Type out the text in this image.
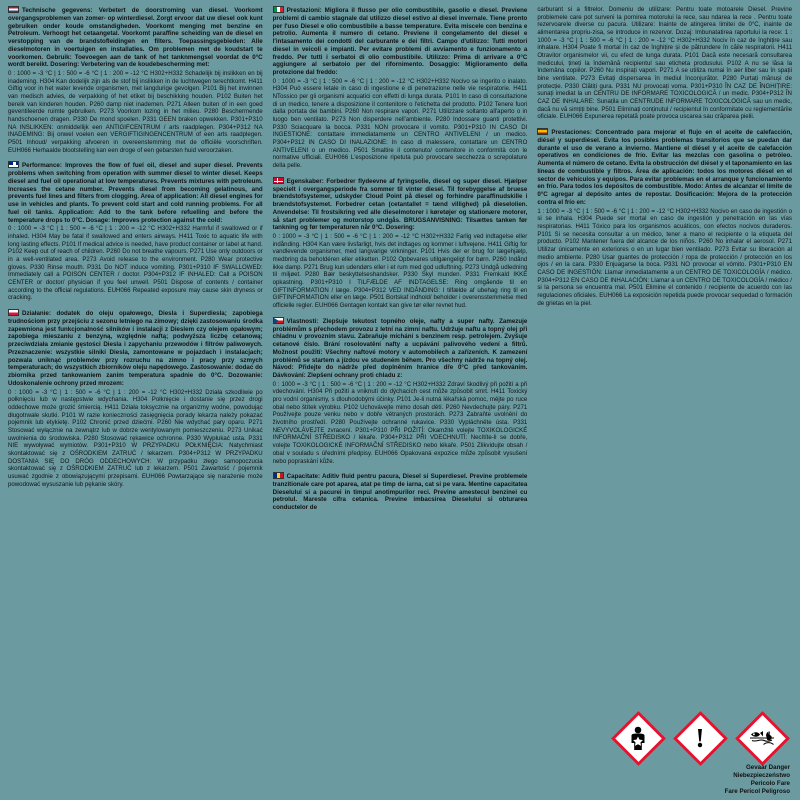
Technische gegevens: Verbetert de doorstroming van diesel. Voorkomt overgangsproblemen van zomer- op winterdiesel. Zorgt ervoor dat uw diesel ook kunt gebruiken onder koude omstandigheden. Voorkomt menging met benzine en Petroleum. Verhoogt het cetaangetal. Voorkomt paraffine scheiding van de diesel en verstopping van de brandstofleidingen en filters. Toepassingsgebieden: Alle dieselmotoren in voertuigen en installaties. Om problemen met de koudstart te voorkomen. Gebruik: Toevoegen aan de tank of het tanknmengsel voordat de 0°C wordt bereikt. Dosering: Verbetering van de koudebescherming met:

0 : 1000 = -3 °C | 1 : 500 = -6 °C | 1 : 200 = -12 °C H302+H332 Schadelijk bij inslikken en bij inademing. H304 Kan dodelijk zijn als de stof bij inslikken in de luchtwegen terechtkomt. H411 Giftig voor in het water levende organismen, met langdurige gevolgen. P101 Bij het inwinnen van medisch advies, de verpakking of het etiket bij beschikking houden. P102 Buiten het bereik van kinderen houden. P260 damp niet inademen. P271 Alleen buiten of in een goed geventileerde ruimte gebruiken. P273 Voorkom lozing in het milieu. P280 Beschermende handschoenen dragen. P330 De mond spoelen. P331 GEEN braken opwekken. P301+P310 NA INSLIKKEN: onmiddellijk een ANTIGIFCENTRUM / arts raadplegen. P304+P312 NA INADEMING: Bij onwel voelen een VERGIFTIGINGENCENTRUM of een arts raadplegen. P501 Inhoud/ verpakking afvoeren in overeenstemming met de officiële voorschriften. EUH066 Herhaalde blootstelling kan een droge of een gebarsten huid veroorzaken.

Performance: Improves the flow of fuel oil, diesel and super diesel. Prevents problems when switching from operation with summer diesel to winter diesel. Keeps diesel and fuel oil operational at low temperatures. Prevents mixtures with petroleum. Increases the cetane number. Prevents diesel from becoming gelatinous, and prevents fuel lines and filters from clogging. Area of application: All diesel engines for use in vehicles and plants. To prevent cold start and cold running problems. For all fuel oil tanks. Application: Add to the tank before refuelling and before the temperature drops to 0°C. Dosage: Improves protection against the cold:

0 : 1000 = -3 °C | 1 : 500 = -6 °C | 1 : 200 = -12 °C H302+H332 Harmful if swallowed or if inhaled. H304 May be fatal if swallowed and enters airways. H411 Toxic to aquatic life with long lasting effects. P101 If medical advice is needed, have product container or label at hand. P102 Keep out of reach of children. P260 Do not breathe vapours. P271 Use only outdoors or in a well-ventilated area. P273 Avoid release to the environment. P280 Wear protective gloves. P330 Rinse mouth. P331 Do NOT induce vomiting. P301+P310 IF SWALLOWED: Immediately call a POISON CENTER / doctor. P304+P312 IF INHALED: Call a POISON CENTER or doctor/ physician if you feel unwell. P501 Dispose of contents / container according to the official regulations. EUH066 Repeated exposure may cause skin dryness or cracking.

Działanie: dodatek do oleju opałowego, Diesla i Superdiesla; zapobiega trudnościom przy przejściu z sezonu letniego na zimowy; dzięki zastosowaniu środka zapewniona jest funkcjonalność silników i instalacji z Dieslem czy olejem opałowym; zapobiega mieszaniu z benzyną, względnie naftą; podwyższa liczbę cetanową; przeciwdziała zmianie gęstości Diesla i zapychaniu przewodów i filtrów paliwowych. Przeznaczenie: wszystkie silniki Diesla, zamontowane w pojazdach i instalacjach; pozwala uniknąć problemów przy rozruchu na zimno i pracy przy szmych temperaturach; do wszystkich zbiorników oleju napędowego. Zastosowanie: dodać do zbiornika przed tankowaniem zanim temperatura spadnie do 0°C. Dozowanie: Udoskonalenie ochrony przed mrozem:

0 : 1000 = -3 °C | 1 : 500 = -6 °C | 1 : 200 = -12 °C H302+H332 Działa szkodliwie po połknięciu lub w następstwie wdychania. H304 Połknięcie i dostanie się przez drogi oddechowe może grozić śmiercią. H411 Działa toksycznie na organizmy wodne, powodując długotrwałe skutki. P101 W razie konieczności zasięgnięcia porady lekarza należy pokazać pojemnik lub etykietę. P102 Chronić przed dziećmi. P260 Nie wdychać pary oparu. P271 Stosować wyłącznie na zewnątrz lub w dobrze wentylowanym pomieszczeniu. P273 Unikać uwolnienia do środowiska. P280 Stosować rękawice ochronne. P330 Wypłukać usta. P331 NIE wywoływać wymiotów. P301+P310 W PRZYPADKU POŁKNIĘCIA: Natychmiast skontaktować się z OŚRODKIEM ZATRUĆ / lekarzem. P304+P312 W PRZYPADKU DOSTANIA SIĘ DO DRÓG ODDECHOWYCH: W przypadku złego samopoczucia skontaktować się z OŚRODKIEM ZATRUĆ lub z lekarzem. P501 Zawartość / pojemnik usuwać zgodnie z obowiązującymi przepisami. EUH066 Powtarzające się narażenie może powodować wysuszanie lub pękanie skóry.

Prestazioni: Migliora il flusso per olio combustibile, gasolio e diesel. Previene problemi di cambio stagnale dal utilizzo diesel estivo al diesel invernale. Tiene pronto per l'uso Diesel e olio combustibile a basse temperature. Evita miscele con benzina e petrolio. Aumenta il numero di cetano. Previene il congelamento del diesel e l'intasamento dei condotti del carburante e dei filtri. Campo d'utilizzo: Tutti motori diesel in veicoli e impianti. Per evitare problemi di avviamento e funzionamento a freddo. Per tutti i serbatoi di olio combustibile. Utilizzo: Prima di arrivare a 0°C aggiungere al serbatoio per del rifornimento. Dosaggio: Miglioramento della protezione dal freddo:

0 : 1000 = -3 °C | 1 : 500 = -6 °C | 1 : 200 = -12 °C H302+H332 Nocivo se ingerito o inalato. H304 Può essere letale in caso di ingestione e di penetrazione nelle vie respiratorie. H411 NTossico per gli organismi acquatici con effetti di lunga durata. P101 In caso di consultazione di un medico, tenere a disposizione il contenitore o l'etichetta del prodotto. P102 Tenere fuori dalla portata dei bambini. P260 Non respirare vapori. P271 Utilizzare soltanto all'aperto o in luogo ben ventilato. P273 Non disperdere nell'ambiente. P280 Indossare guanti protettivi. P330 Sciacquare la bocca. P331 NON provocare il vomito. P301+P310 IN CASO DI INGESTIONE: contattare immediatamente un CENTRO ANTIVELENI / un medico. P304+P312 IN CASO DI INALAZIONE: In caso di malessere, contattare un CENTRO ANTIVELENI o un medico. P501 Smaltire il contenuto/ contenitore in conformità con le normative ufficiali. EUH066 L'esposizione ripetuta può provocare secchezza o screpolature della pelle.

Egenskaber: Forbedrer flydeevne af fyringsolie, diesel og super diesel. Hjælper specielt i overgangsperiode fra sommer til vinter diesel. Til forebyggelse af bruese brændstofsystemer, udskyder Cloud Point på diesel og forhindre paraffinudskille i brændstofsystemet. Forbedrer cetan (cetantallet = tænd villighed) på dieselolien. Anvendelse: Til frostsikring ved alle dieselmotorer i køretøjer og stationære motorer, så start problemer og motorstop undgås. BRUGSANVISNING: Tilsættes tanken før tankning og før temperaturen når 0°C. Dosering:

0 : 1000 = -3 °C | 1 : 500 = -6 °C | 1 : 200 = -12 °C H302+H332 Farlig ved indtagelse eller indånding. H304 Kan være livsfarligt, hvis det indtages og kommer i luftvejene. H411 Giftig for vandlevende organismer, med langvarige virkninger. P101 Hvis der er brug for lægehjælp, medbring da beholdéren eller etiketten. P102 Opbevares utilgængeligt for børn. P260 Indånd ikke damp. P271 Brug kun udendørs eller i et rum med god udluftning. P273 Undgå udledning til miljøet. P280 Bær beskyttelseshandsker. P330 Skyl munden. P331 Fremkald IKKE opkastning. P301+P310 I TILFÆLDE AF INDTAGELSE: Ring omgående til en GIFTINFORMATION / læge. P304+P312 VED INDÅNDING: I tilfælde af ubehag ring til en GIFTINFORMATION eller en læge. P501 Bortskaf indhold/ beholder i overensstemmelse med officielle regler. EUH066 Gentagen kontakt kan give tør eller revnet hud.

Vlastnosti: Zlepšuje tekutost topného oleje, nafty a super nafty. Zamezuje problémům s přechodem provozu z letní na zimní naftu. Udržuje naftu a topný olej při chladnu v provozním stavu. Zabraňuje míchání s benzinem resp. petrolejem. Zvyšuje cetanové číslo. Brání rosolovatění nafty a ucpávání palivového vedení a filtrů. Možnost použití: Všechny naftové motory v automobilech a zařízeních. K zamezení problémů se startem a jízdou ve studeném během. Pro všechny nádrže na topný olej. Návod: Přidejte do nádrže před doplněním hranice dře 0°C před tankováním. Dávkování: Zlepšení ochrany proti chladu z:

0 : 1000 = -3 °C | 1 : 500 = -6 °C | 1 : 200 = -12 °C H302+H332 Zdraví škodlivý při požití a při vdechování. H304 Při požití a vniknutí do dýchacích cest může způsobit smrt. H411 Toxický pro vodní organismy, s dlouhodobými účinky. P101 Je-li nutná lékařská pomoc, mějte po ruce obal nebo štítek výrobku. P102 Uchovávejte mimo dosah dětí. P260 Nevdechujte páry. P271 Používejte pouze venku nebo v dobře větraných prostorách. P273 Zabraňte uvolnění do životního prostředí. P280 Používejte ochranné rukavice. P330 Vypláchněte ústa. P331 NEVYVOLÁVEJTE zvracení. P301+P310 PŘI POŽITÍ: Okamžitě volejte TOXIKOLOGICKÉ INFORMAČNÍ STŘEDISKO / lékaře. P304+P312 PŘI VDECHNUTÍ: Necítíte-li se dobře, volejte TOXIKOLOGICKÉ INFORMAČNÍ STŘEDISKO nebo lékaře. P501 Zlikvidujte obsah / obal v souladu s úředními předpisy. EUH066 Opakovaná expozice může způsobit vysušení nebo popraskání kůže.

Capacitate: Aditiv fluid pentru pacura, Diesel si Superdiesel. Previne problemele tranzitionale care pot aparea, atat pe timp de iarna, cat si pe vara. Mentine capacitatea Dieselului si a pacurei in timpul anotimpurilor reci. Previne amestecul benzinei cu petrolul. Mareste cifra cetanica. Previne imbacsirea Dieselului si obturarea conductelor de

carburant si a filtrelor. Domeniu de utilizare: Pentru toate motoarele Diesel. Previne problemele care pot surveni la pornirea motorului la rece, sau ndarea la rece . Pentru toate rezervoarele diverse cu pacura. Utilizare: Inainte de atingerea limitei de 0°C, inainte de alimentarea propriu-zisa, se introduce in rezervor. Dozaj: Imbunatatirea raportului la rece: 1 : 1000 = -3 °C | 1 : 500 = -6 °C | 1 : 200 = -12 °C H302+H332 Nociv în caz de înghițire sau inhalare. H304 Poate fi mortal în caz de înghițire și de pătrundere în căile respiratorii. H411 Otravitor organismelor vii, cu efect de lunga durata. P101 Dacă este necesară consultarea medicului, țineți la îndemână recipientul sau eticheta produsului. P102 A nu se lăsa la îndemâna copiilor. P260 Nu inspirați vapori. P271 A se utiliza numai în aer liber sau în spații bine ventilate. P273 Evitați dispersarea în mediul înconjurător. P280 Purtați mănuși de protecție. P330 Clătiți gura. P331 NU provocați voma. P301+P310 ÎN CAZ DE ÎNGHIȚIRE: sunați imediat la un CENTRU DE INFORMARE TOXICOLOGICĂ / un medic. P304+P312 ÎN CAZ DE INHALARE: Sunațila un CENTRUDE INFORMARE TOXICOLOGICĂ sau un medic, dacă nu vă simțiți bine. P501 Eliminați conținutul / recipientul în conformitate cu reglementările oficiale. EUH066 Expunerea repetată poate provoca uscarea sau crăparea pielii.

Prestaciones: Concentrado para mejorar el flujo en el aceite de calefacción, diésel y superdiésel. Evita los posibles problemas transitorios que se puedan dar durante el uso de verano a invierno. Mantiene el diésel y el aceite de calefacción operativos en condiciones de frío. Evitar las mezclas con gasolina o petróleo. Aumenta el número de cetano. Evita la obstrucción del diésel y el taponamiento en las líneas de combustible y filtros. Área de aplicación: todos los motores diésel en el sector de vehículos y equipos. Para evitar problemas en el arranque y funcionamiento en frío. Para todos los depósitos de combustible. Modo: Antes de alcanzar el límite de 0°C agregar al depósito antes de repostar. Dosificación: Mejora de la protección contra el frío en:

1 : 1000 = -3 °C | 1 : 500 = -6 °C | 1 : 200 = -12 °C H302+H332 Nocivo en caso de ingestión o si se inhala. H304 Puede ser mortal en caso de ingestión y penetración en las vías respiratorias. H411 Tóxico para los organismos acuáticos, con efectos nocivos duraderos. P101 Si se necesita consultar a un médico, tener a mano el recipiente o la etiqueta del producto. P102 Mantener fuera del alcance de los niños. P260 No inhalar el aerosol. P271 Utilizar únicamente en exteriores o en un lugar bien ventilado. P273 Evitar su liberación al medio ambiente. P280 Usar guantes de protección / ropa de protección / protección en los ojos / en la cara. P330 Enjuagarse la boca. P331 NO provocar el vómito. P301+P310 EN CASO DE INGESTIÓN: Llamar inmediatamente a un CENTRO DE TOXICOLOGÍA / médico. P304+P312 EN CASO DE INHALACIÓN: Llamar a un CENTRO DE TOXICOLOGÍA / médico / si la persona se encuentra mal. P501 Elimine el contenido / recipiente de acuerdo con las regulaciones oficiales. EUH066 La exposición repetida puede provocar sequedad o formación de grietas en la piel.

!
Gevaar Danger
Niebezpieczeństwo
Pericolo Fare
Fare Pericol Peligroso
